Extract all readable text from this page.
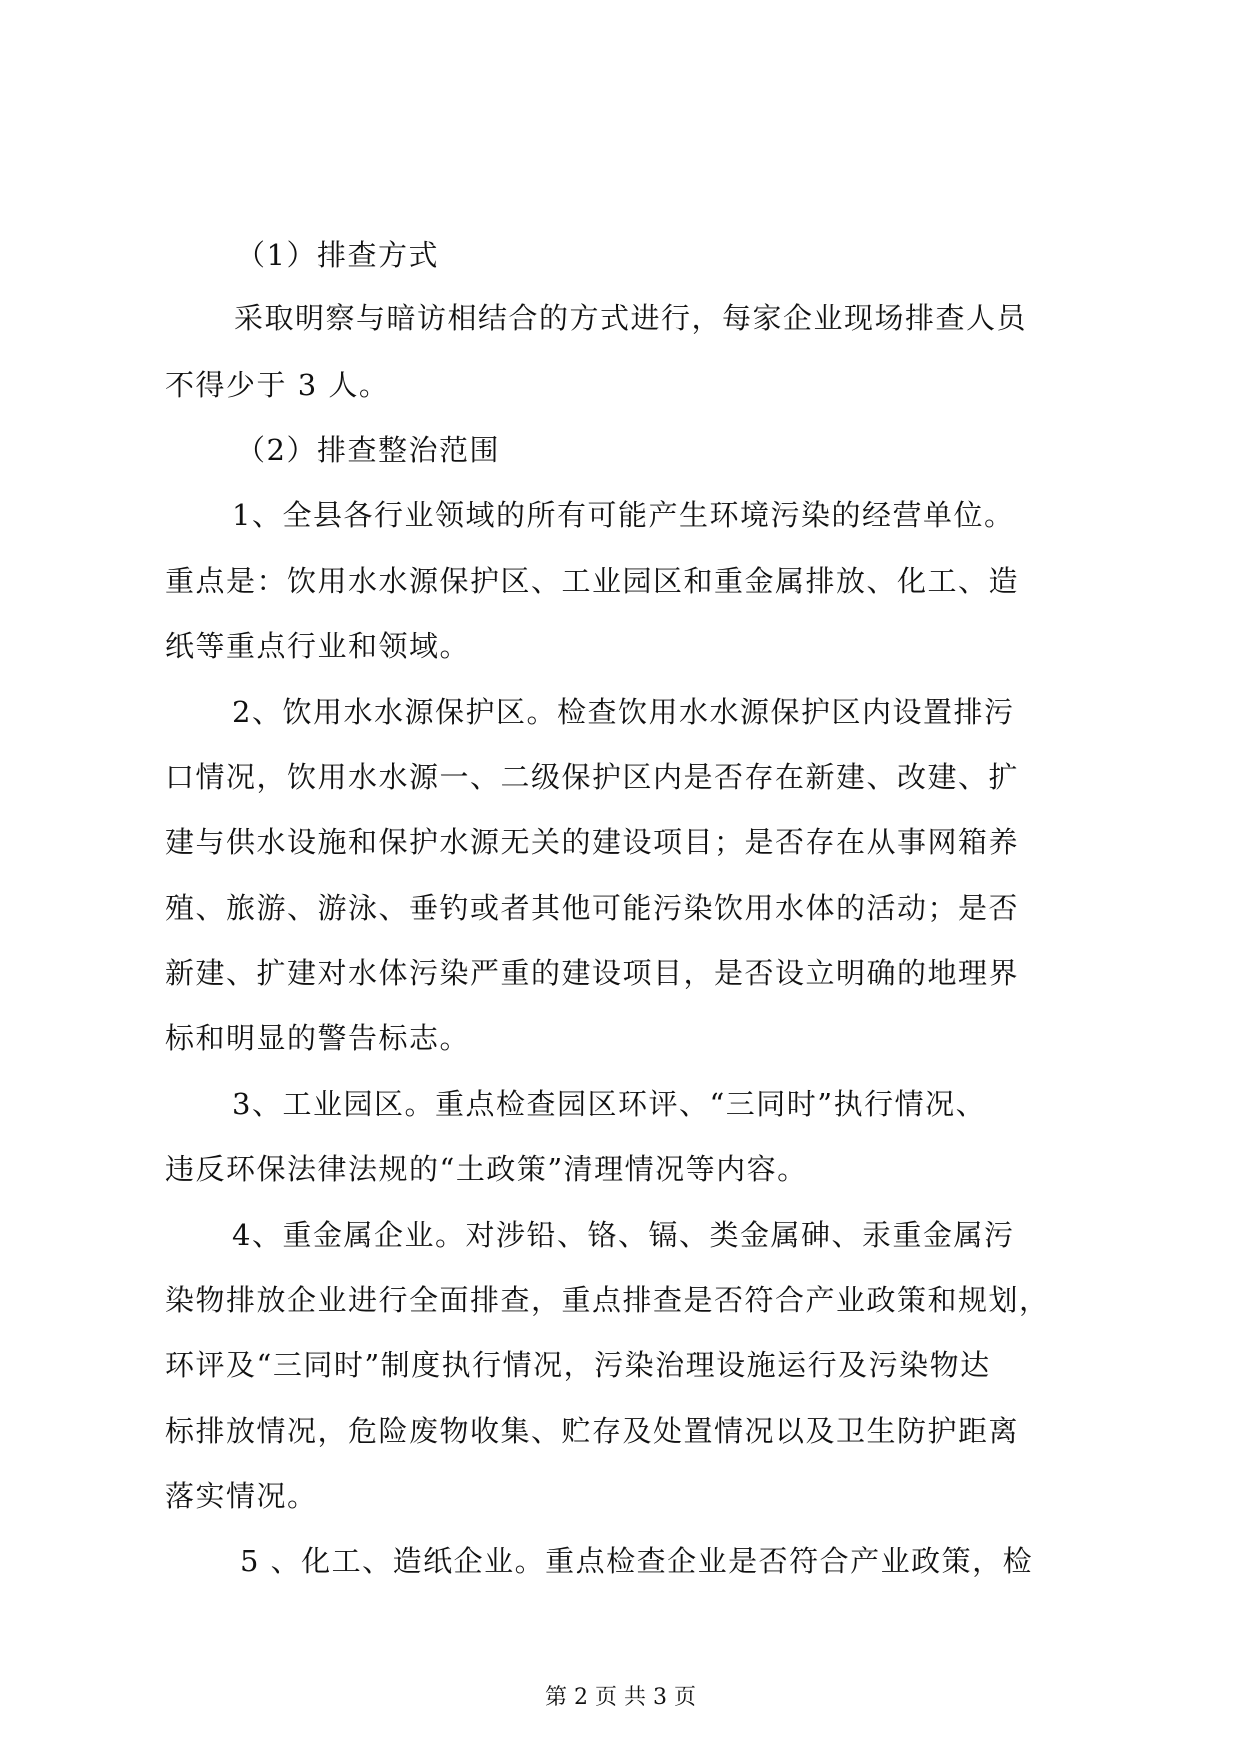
（1）排查方式
采取明察与暗访相结合的方式进行，每家企业现场排查人员
不得少于 3 人。
（2）排查整治范围
1、全县各行业领域的所有可能产生环境污染的经营单位。
重点是：饮用水水源保护区、工业园区和重金属排放、化工、造
纸等重点行业和领域。
2、饮用水水源保护区。检查饮用水水源保护区内设置排污
口情况，饮用水水源一、二级保护区内是否存在新建、改建、扩
建与供水设施和保护水源无关的建设项目；是否存在从事网箱养
殖、旅游、游泳、垂钓或者其他可能污染饮用水体的活动；是否
新建、扩建对水体污染严重的建设项目，是否设立明确的地理界
标和明显的警告标志。
3、工业园区。重点检查园区环评、“三同时”执行情况、
违反环保法律法规的“土政策”清理情况等内容。
4、重金属企业。对涉铅、铬、镉、类金属砷、汞重金属污
染物排放企业进行全面排查，重点排查是否符合产业政策和规划，
环评及“三同时”制度执行情况，污染治理设施运行及污染物达
标排放情况，危险废物收集、贮存及处置情况以及卫生防护距离
落实情况。
5 、化工、造纸企业。重点检查企业是否符合产业政策，检
第 2 页 共 3 页
